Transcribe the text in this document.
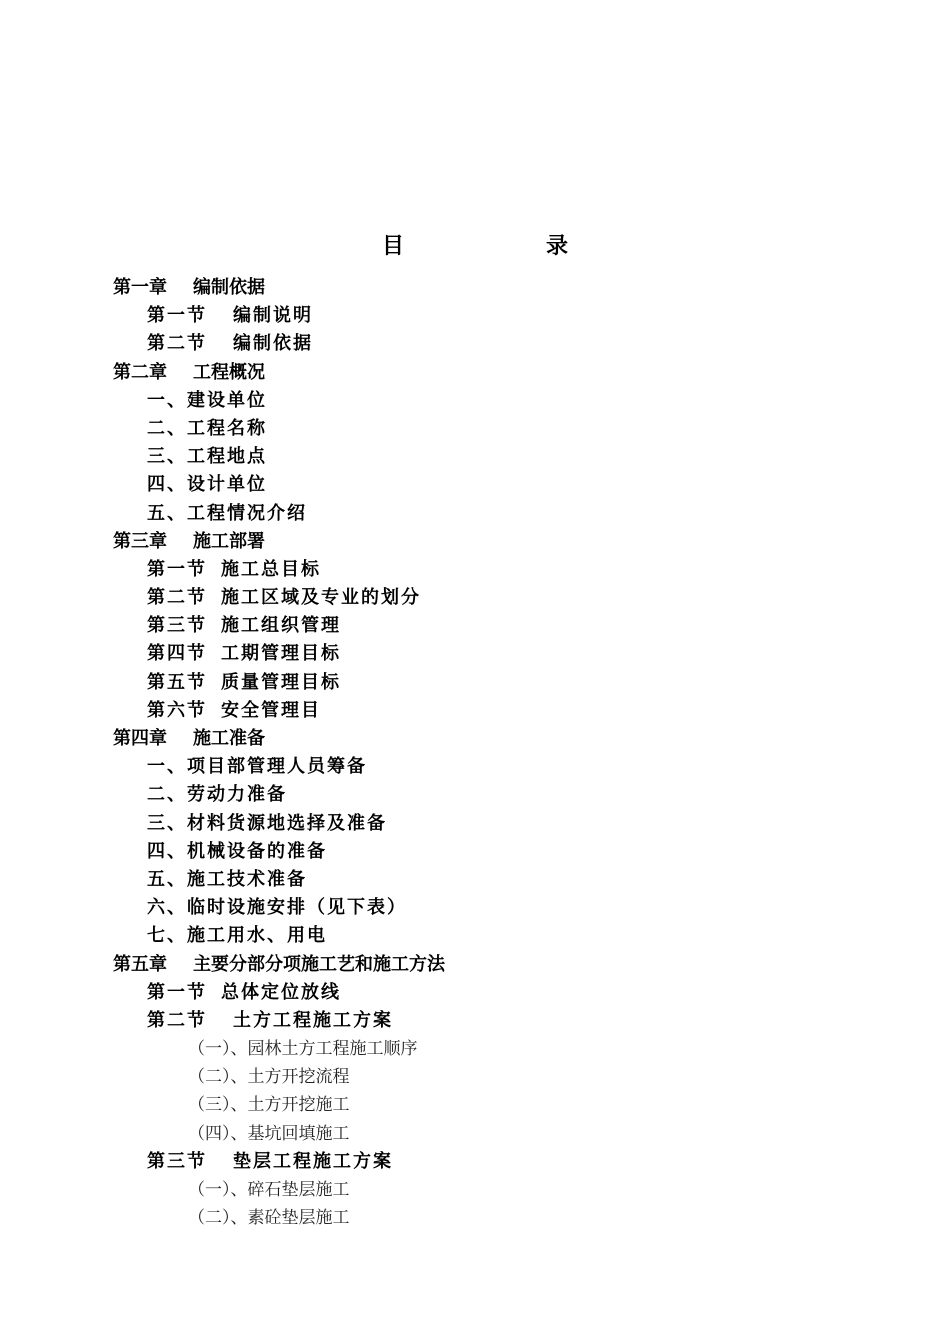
目　录
第一章 编制依据
第一节 编制说明
第二节 编制依据
第二章 工程概况
一、建设单位
二、工程名称
三、工程地点
四、设计单位
五、工程情况介绍
第三章 施工部署
第一节 施工总目标
第二节 施工区域及专业的划分
第三节 施工组织管理
第四节 工期管理目标
第五节 质量管理目标
第六节 安全管理目
第四章 施工准备
一、项目部管理人员筹备
二、劳动力准备
三、材料货源地选择及准备
四、机械设备的准备
五、施工技术准备
六、临时设施安排（见下表）
七、施工用水、用电
第五章 主要分部分项施工艺和施工方法
第一节 总体定位放线
第二节 土方工程施工方案
（一）、园林土方工程施工顺序
（二）、土方开挖流程
（三）、土方开挖施工
（四）、基坑回填施工
第三节 垫层工程施工方案
（一）、碎石垫层施工
（二）、素砼垫层施工
